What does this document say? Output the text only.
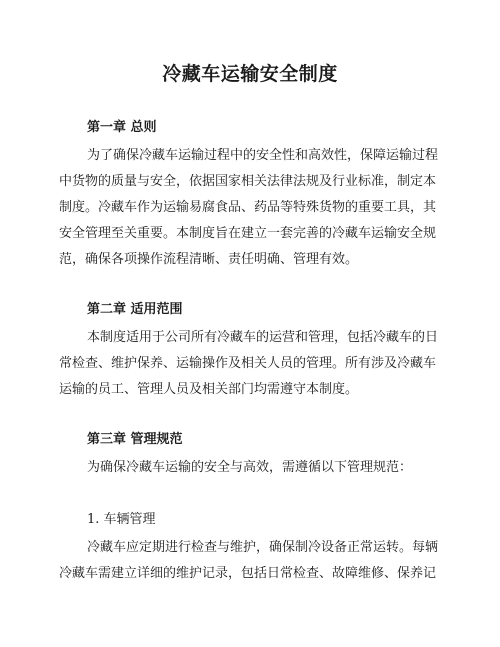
冷藏车运输安全制度
第一章 总则
为了确保冷藏车运输过程中的安全性和高效性，保障运输过程
中货物的质量与安全，依据国家相关法律法规及行业标准，制定本
制度。冷藏车作为运输易腐食品、药品等特殊货物的重要工具，其
安全管理至关重要。本制度旨在建立一套完善的冷藏车运输安全规
范，确保各项操作流程清晰、责任明确、管理有效。
第二章 适用范围
本制度适用于公司所有冷藏车的运营和管理，包括冷藏车的日
常检查、维护保养、运输操作及相关人员的管理。所有涉及冷藏车
运输的员工、管理人员及相关部门均需遵守本制度。
第三章 管理规范
为确保冷藏车运输的安全与高效，需遵循以下管理规范：
1. 车辆管理
冷藏车应定期进行检查与维护，确保制冷设备正常运转。每辆
冷藏车需建立详细的维护记录，包括日常检查、故障维修、保养记
